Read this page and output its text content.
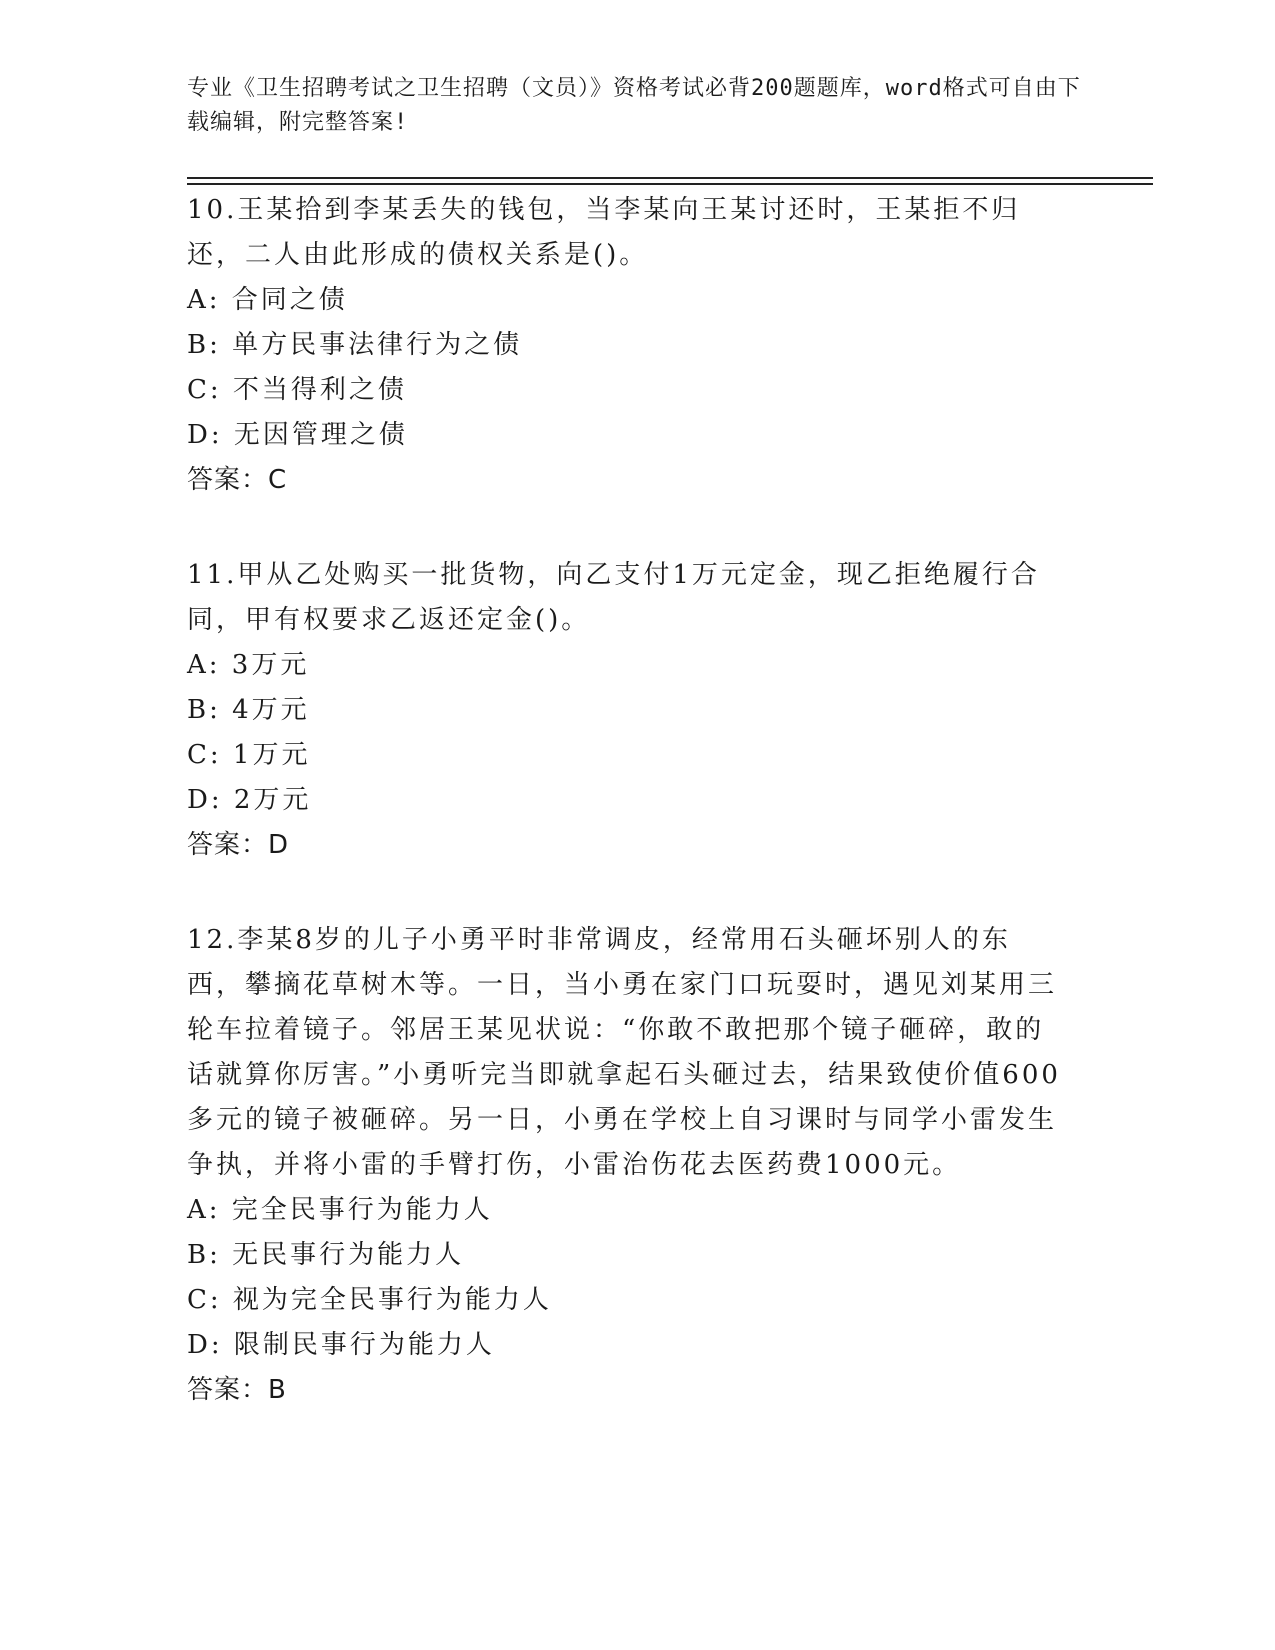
专业《卫生招聘考试之卫生招聘（文员）》资格考试必背200题题库，word格式可自由下载编辑，附完整答案!
10.王某拾到李某丢失的钱包，当李某向王某讨还时，王某拒不归还，二人由此形成的债权关系是()。
A: 合同之债
B: 单方民事法律行为之债
C: 不当得利之债
D: 无因管理之债
答案：C
11.甲从乙处购买一批货物，向乙支付1万元定金，现乙拒绝履行合同，甲有权要求乙返还定金()。
A: 3万元
B: 4万元
C: 1万元
D: 2万元
答案：D
12.李某8岁的儿子小勇平时非常调皮，经常用石头砸坏别人的东西，攀摘花草树木等。一日，当小勇在家门口玩耍时，遇见刘某用三轮车拉着镜子。邻居王某见状说：“你敢不敢把那个镜子砸碎，敢的话就算你厉害。”小勇听完当即就拿起石头砸过去，结果致使价值600多元的镜子被砸碎。另一日，小勇在学校上自习课时与同学小雷发生争执，并将小雷的手臂打伤，小雷治伤花去医药费1000元。
A: 完全民事行为能力人
B: 无民事行为能力人
C: 视为完全民事行为能力人
D: 限制民事行为能力人
答案：B
